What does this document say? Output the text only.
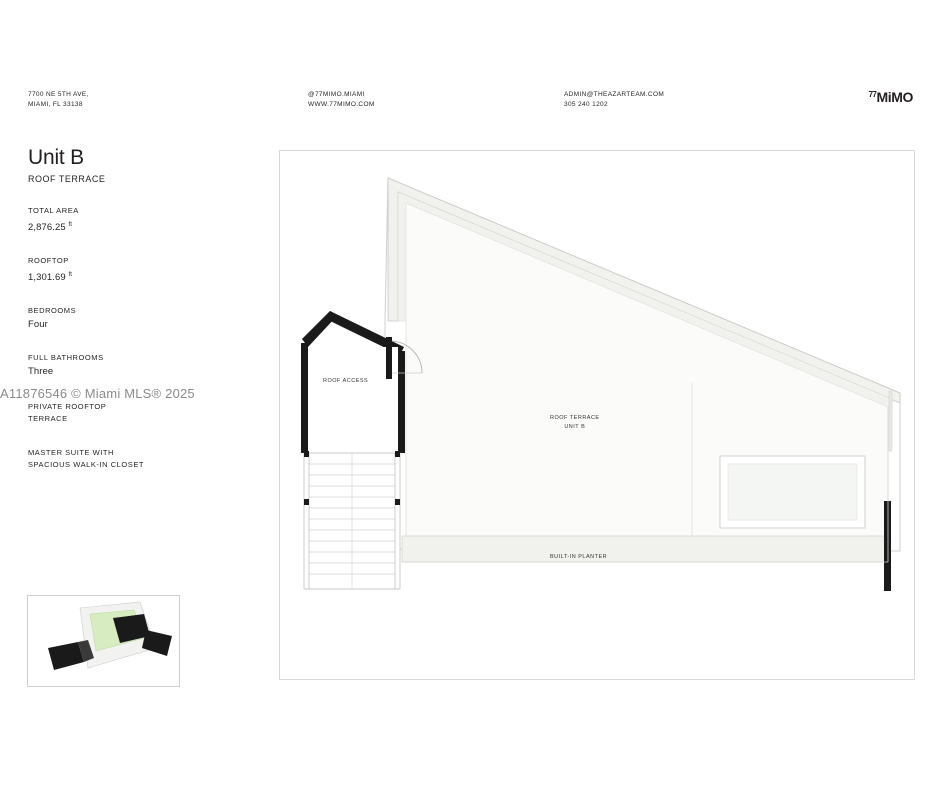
7700 NE 5TH AVE,
MIAMI, FL 33138
@77MIMO.MIAMI
WWW.77MIMO.COM
ADMIN@THEAZARTEAM.COM
305 240 1202
$^{77}$MiMO
Unit B
ROOF TERRACE
TOTAL AREA
2,876.25 $^{ft}$
ROOFTOP
1,301.69 $^{ft}$
BEDROOMS
Four
FULL BATHROOMS
Three
PRIVATE ROOFTOP
TERRACE
MASTER SUITE WITH
SPACIOUS WALK-IN CLOSET
ROOF ACCESS
ROOF TERRACE
UNIT B
BUILT-IN PLANTER
A11876546 © Miami MLS® 2025
